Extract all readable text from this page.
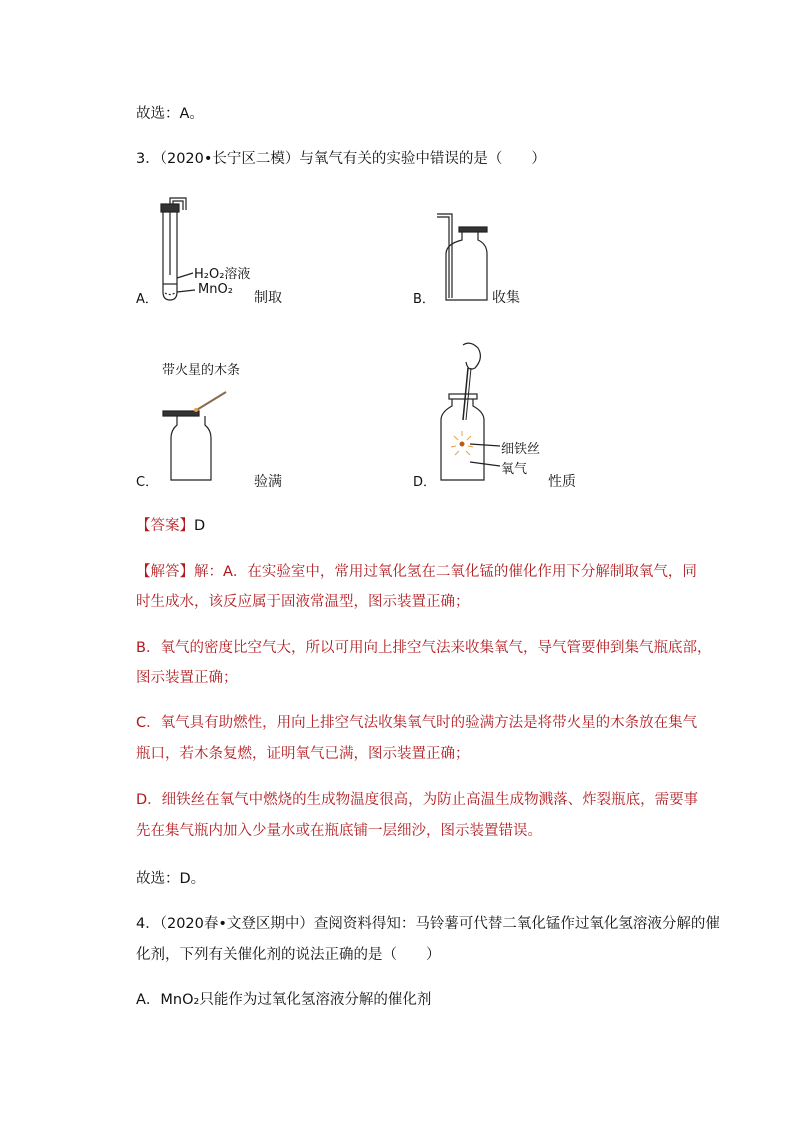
故选：A。
3．（2020•长宁区二模）与氧气有关的实验中错误的是（　　）
H₂O₂溶液
MnO₂
A．	制取	B．	收集
带火星的木条
C．	验满
细铁丝
氧气
D．	性质
【答案】D
【解答】解：A．在实验室中，常用过氧化氢在二氧化锰的催化作用下分解制取氧气，同
时生成水，该反应属于固液常温型，图示装置正确；
B．氧气的密度比空气大，所以可用向上排空气法来收集氧气，导气管要伸到集气瓶底部，
图示装置正确；
C．氧气具有助燃性，用向上排空气法收集氧气时的验满方法是将带火星的木条放在集气
瓶口，若木条复燃，证明氧气已满，图示装置正确；
D．细铁丝在氧气中燃烧的生成物温度很高，为防止高温生成物溅落、炸裂瓶底，需要事
先在集气瓶内加入少量水或在瓶底铺一层细沙，图示装置错误。
故选：D。
4．（2020春•文登区期中）查阅资料得知：马铃薯可代替二氧化锰作过氧化氢溶液分解的催
化剂，下列有关催化剂的说法正确的是（　　）
A．MnO₂只能作为过氧化氢溶液分解的催化剂
